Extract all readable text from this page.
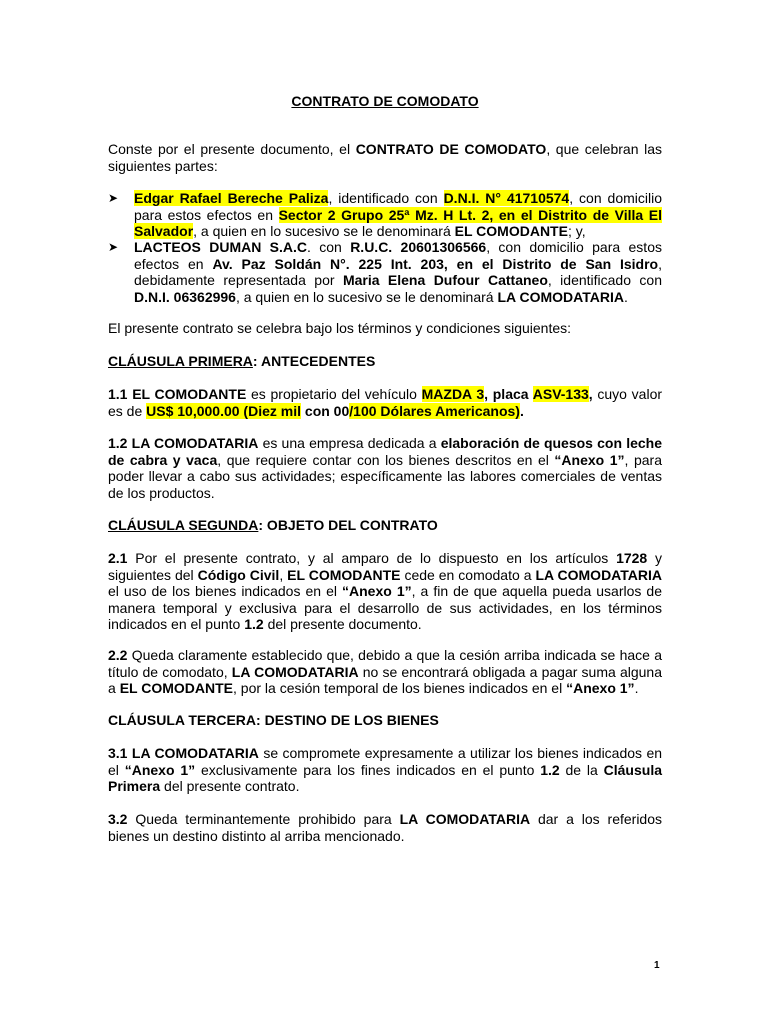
CONTRATO DE COMODATO
Conste por el presente documento, el CONTRATO DE COMODATO, que celebran las siguientes partes:
➤ Edgar Rafael Bereche Paliza, identificado con D.N.I. N° 41710574, con domicilio para estos efectos en Sector 2 Grupo 25ª Mz. H Lt. 2, en el Distrito de Villa El Salvador, a quien en lo sucesivo se le denominará EL COMODANTE; y,
➤ LACTEOS DUMAN S.A.C. con R.U.C. 20601306566, con domicilio para estos efectos en Av. Paz Soldán N°. 225 Int. 203, en el Distrito de San Isidro, debidamente representada por Maria Elena Dufour Cattaneo, identificado con D.N.I. 06362996, a quien en lo sucesivo se le denominará LA COMODATARIA.
El presente contrato se celebra bajo los términos y condiciones siguientes:
CLÁUSULA PRIMERA: ANTECEDENTES
1.1 EL COMODANTE es propietario del vehículo MAZDA 3, placa ASV-133, cuyo valor es de US$ 10,000.00 (Diez mil con 00/100 Dólares Americanos).
1.2 LA COMODATARIA es una empresa dedicada a elaboración de quesos con leche de cabra y vaca, que requiere contar con los bienes descritos en el “Anexo 1”, para poder llevar a cabo sus actividades; específicamente las labores comerciales de ventas de los productos.
CLÁUSULA SEGUNDA: OBJETO DEL CONTRATO
2.1 Por el presente contrato, y al amparo de lo dispuesto en los artículos 1728 y siguientes del Código Civil, EL COMODANTE cede en comodato a LA COMODATARIA el uso de los bienes indicados en el “Anexo 1”, a fin de que aquella pueda usarlos de manera temporal y exclusiva para el desarrollo de sus actividades, en los términos indicados en el punto 1.2 del presente documento.
2.2 Queda claramente establecido que, debido a que la cesión arriba indicada se hace a título de comodato, LA COMODATARIA no se encontrará obligada a pagar suma alguna a EL COMODANTE, por la cesión temporal de los bienes indicados en el “Anexo 1”.
CLÁUSULA TERCERA: DESTINO DE LOS BIENES
3.1 LA COMODATARIA se compromete expresamente a utilizar los bienes indicados en el “Anexo 1” exclusivamente para los fines indicados en el punto 1.2 de la Cláusula Primera del presente contrato.
3.2 Queda terminantemente prohibido para LA COMODATARIA dar a los referidos bienes un destino distinto al arriba mencionado.
1
